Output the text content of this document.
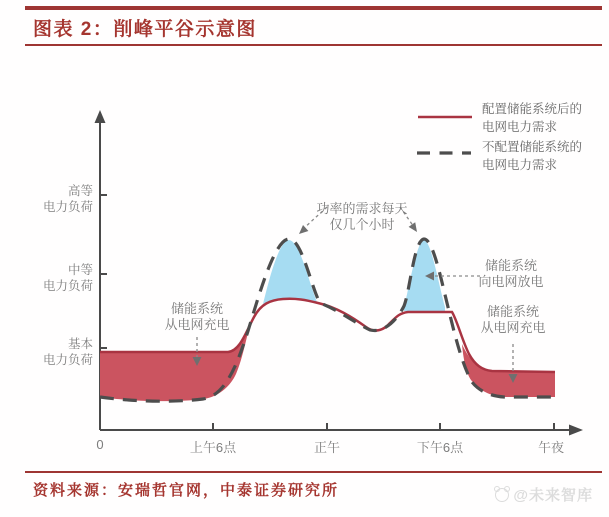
图表 2：削峰平谷示意图
配置储能系统后的
电网电力需求
不配置储能系统的
电网电力需求
高等
电力负荷
中等
电力负荷
基本
电力负荷
0	上午6点	正午	下午6点	午夜
功率的需求每天
仅几个小时
储能系统
向电网放电
储能系统
从电网充电
储能系统
从电网充电
资料来源：安瑞哲官网，中泰证券研究所	@未来智库
